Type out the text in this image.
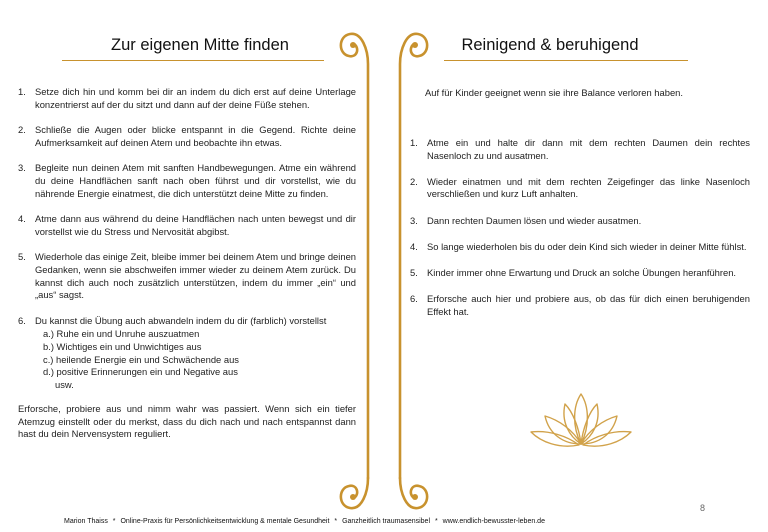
Zur eigenen Mitte finden	Reinigend & beruhigend
1. Setze dich hin und komm bei dir an indem du dich erst auf deine Unterlage konzentrierst auf der du sitzt und dann auf der deine Füße stehen.
2. Schließe die Augen oder blicke entspannt in die Gegend. Richte deine Aufmerksamkeit auf deinen Atem und beobachte ihn etwas.
3. Begleite nun deinen Atem mit sanften Handbewegungen. Atme ein während du deine Handflächen sanft nach oben führst und dir vorstellst, wie du nährende Energie einatmest, die dich unterstützt deine Mitte zu finden.
4. Atme dann aus während du deine Handflächen nach unten bewegst und dir vorstellst wie du Stress und Nervosität abgibst.
5. Wiederhole das einige Zeit, bleibe immer bei deinem Atem und bringe deinen Gedanken, wenn sie abschweifen immer wieder zu deinem Atem zurück. Du kannst dich auch noch zusätzlich unterstützen, indem du immer „ein“ und „aus“ sagst.
6. Du kannst die Übung auch abwandeln indem du dir (farblich) vorstellst
a.) Ruhe ein und Unruhe auszuatmen
b.) Wichtiges ein und Unwichtiges aus
c.) heilende Energie ein und Schwächende aus
d.) positive Erinnerungen ein und Negative aus
usw.
Erforsche, probiere aus und nimm wahr was passiert. Wenn sich ein tiefer Atemzug einstellt oder du merkst, dass du dich nach und nach entspannst dann hast du dein Nervensystem reguliert.
Auf für Kinder geeignet wenn sie ihre Balance verloren haben.
1. Atme ein und halte dir dann mit dem rechten Daumen dein rechtes Nasenloch zu und ausatmen.
2. Wieder einatmen und mit dem rechten Zeigefinger das linke Nasenloch verschließen und kurz Luft anhalten.
3. Dann rechten Daumen lösen und wieder ausatmen.
4. So lange wiederholen bis du oder dein Kind sich wieder in deiner Mitte fühlst.
5. Kinder immer ohne Erwartung und Druck an solche Übungen heranführen.
6. Erforsche auch hier und probiere aus, ob das für dich einen beruhigenden Effekt hat.
8
Marion Thaiss * Online-Praxis für Persönlichkeitsentwicklung & mentale Gesundheit * Ganzheitlich traumasensibel * www.endlich-bewusster-leben.de
